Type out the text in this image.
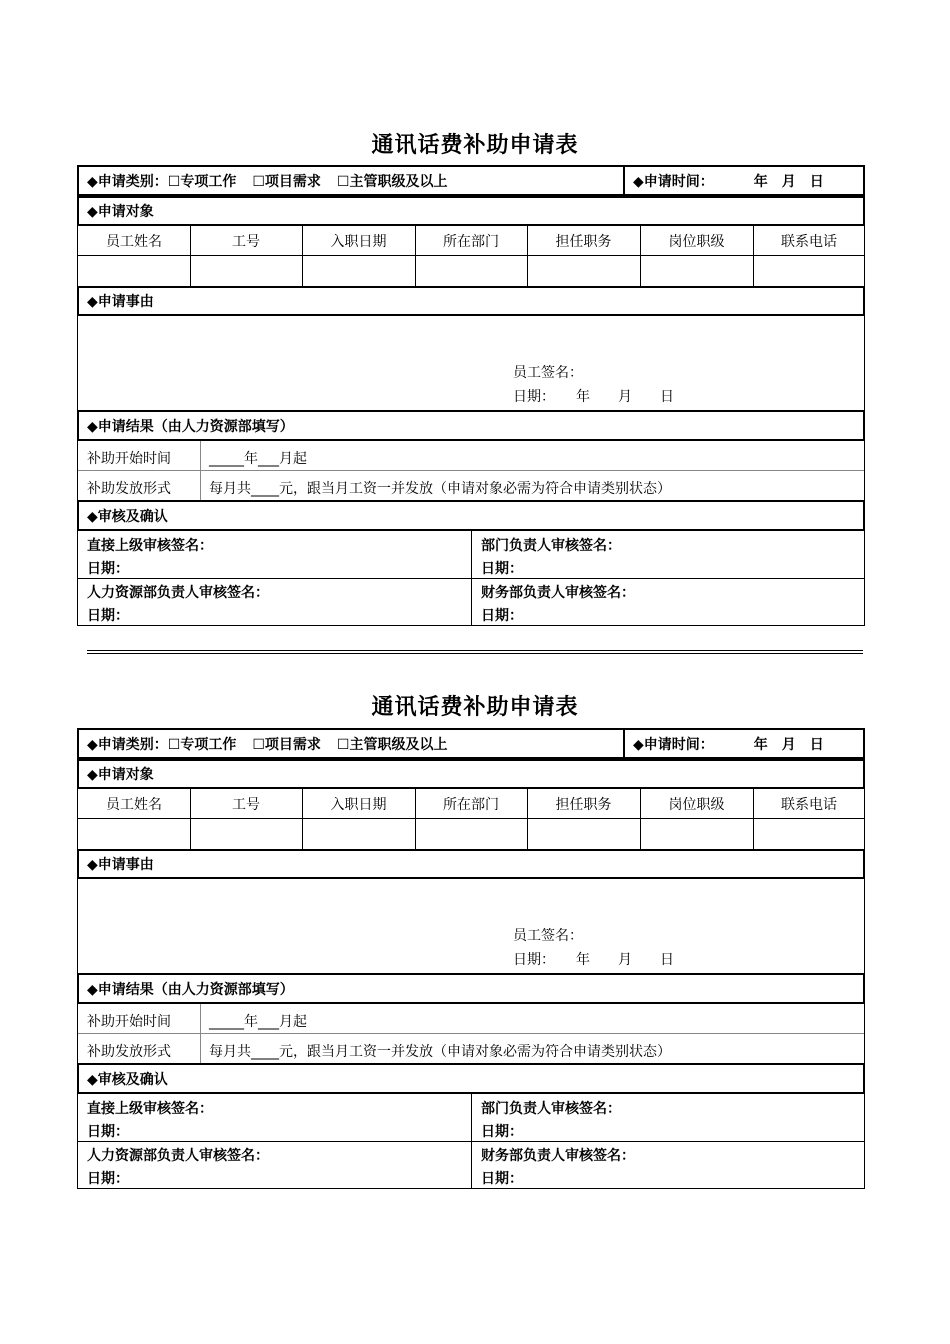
通讯话费补助申请表
◆申请类别： ☐专项工作 ☐项目需求 ☐主管职级及以上	◆申请时间：	年　月　日
◆申请对象
员工姓名	工号	入职日期	所在部门	担任职务	岗位职级	联系电话
◆申请事由
员工签名：
日期：　　年　　月　　日
◆申请结果（由人力资源部填写）
补助开始时间	_____年___月起
补助发放形式	每月共____元，跟当月工资一并发放（申请对象必需为符合申请类别状态）
◆审核及确认
直接上级审核签名：
日期：
部门负责人审核签名：
日期：
人力资源部负责人审核签名：
日期：
财务部负责人审核签名：
日期：
通讯话费补助申请表
◆申请类别： ☐专项工作 ☐项目需求 ☐主管职级及以上	◆申请时间：	年　月　日
◆申请对象
员工姓名	工号	入职日期	所在部门	担任职务	岗位职级	联系电话
◆申请事由
员工签名：
日期：　　年　　月　　日
◆申请结果（由人力资源部填写）
补助开始时间	_____年___月起
补助发放形式	每月共____元，跟当月工资一并发放（申请对象必需为符合申请类别状态）
◆审核及确认
直接上级审核签名：
日期：
部门负责人审核签名：
日期：
人力资源部负责人审核签名：
日期：
财务部负责人审核签名：
日期：
